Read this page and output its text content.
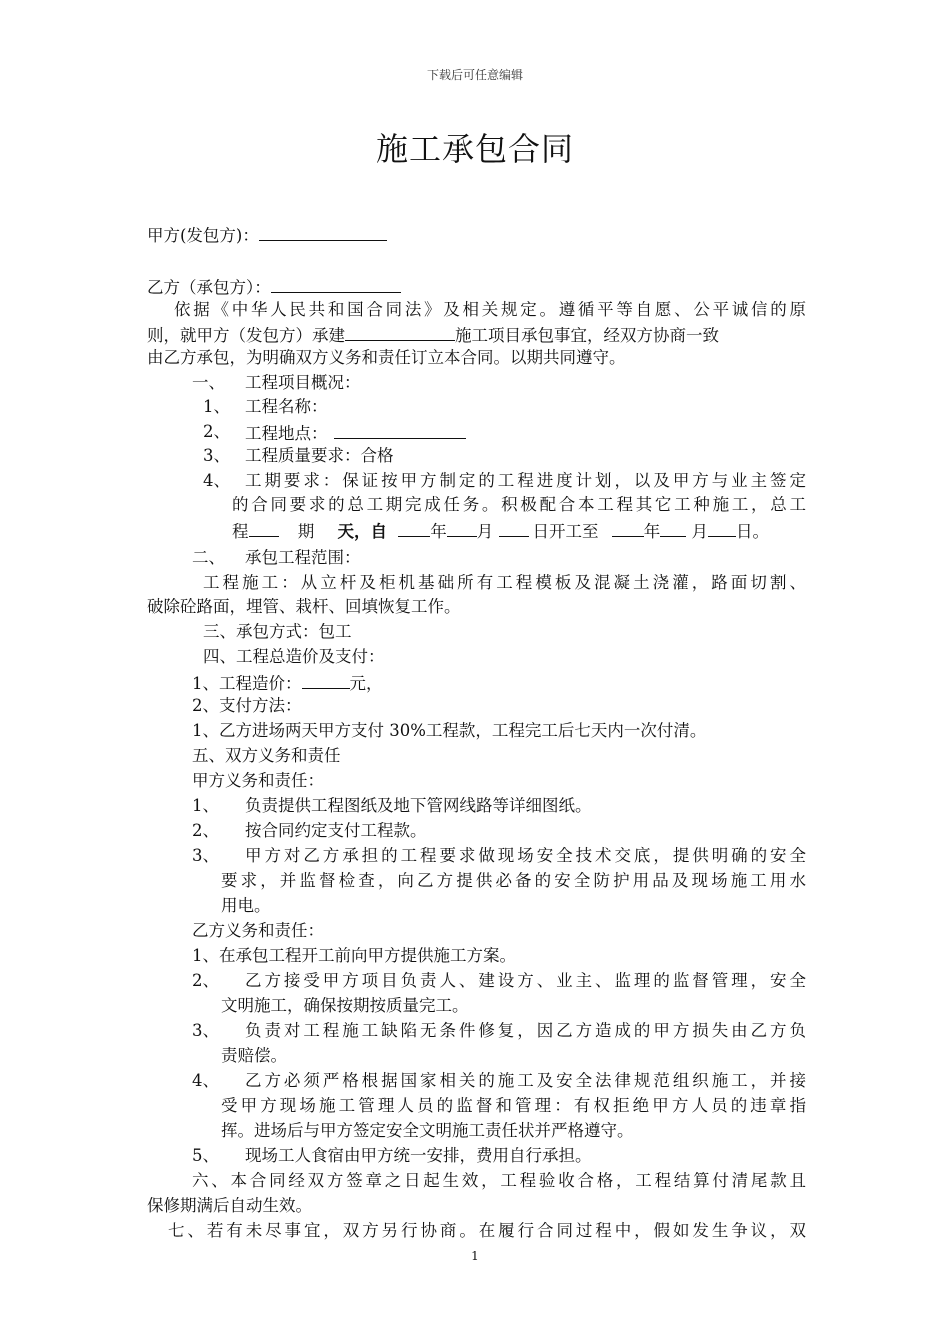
下载后可任意编辑
施工承包合同
甲方(发包方)：
乙方（承包方）：
依据《中华人民共和国合同法》及相关规定。遵循平等自愿、公平诚信的原
则，就甲方（发包方）承建	施工项目承包事宜，经双方协商一致
由乙方承包，为明确双方义务和责任订立本合同。以期共同遵守。
一、 工程项目概况：
1、 工程名称：
2、 工程地点：
3、 工程质量要求：合格
4、 工期要求：保证按甲方制定的工程进度计划，以及甲方与业主签定
的合同要求的总工期完成任务。积极配合本工程其它工种施工，总工
程	期 天，自	年 月 日开工至	年 月 日。
二、 承包工程范围：
工程施工：从立杆及柜机基础所有工程模板及混凝土浇灌，路面切割、
破除砼路面，埋管、栽杆、回填恢复工作。
三、承包方式：包工
四、工程总造价及支付：
1、工程造价：	元，
2、支付方法：
1、乙方进场两天甲方支付 30%工程款，工程完工后七天内一次付清。
五、双方义务和责任
甲方义务和责任：
1、 负责提供工程图纸及地下管网线路等详细图纸。
2、 按合同约定支付工程款。
3、 甲方对乙方承担的工程要求做现场安全技术交底，提供明确的安全
要求，并监督检查，向乙方提供必备的安全防护用品及现场施工用水
用电。
乙方义务和责任：
1、在承包工程开工前向甲方提供施工方案。
2、 乙方接受甲方项目负责人、建设方、业主、监理的监督管理，安全
文明施工，确保按期按质量完工。
3、 负责对工程施工缺陷无条件修复，因乙方造成的甲方损失由乙方负
责赔偿。
4、 乙方必须严格根据国家相关的施工及安全法律规范组织施工，并接
受甲方现场施工管理人员的监督和管理：有权拒绝甲方人员的违章指
挥。进场后与甲方签定安全文明施工责任状并严格遵守。
5、 现场工人食宿由甲方统一安排，费用自行承担。
六、本合同经双方签章之日起生效，工程验收合格，工程结算付清尾款且
保修期满后自动生效。
七、若有未尽事宜，双方另行协商。在履行合同过程中，假如发生争议，双
1
